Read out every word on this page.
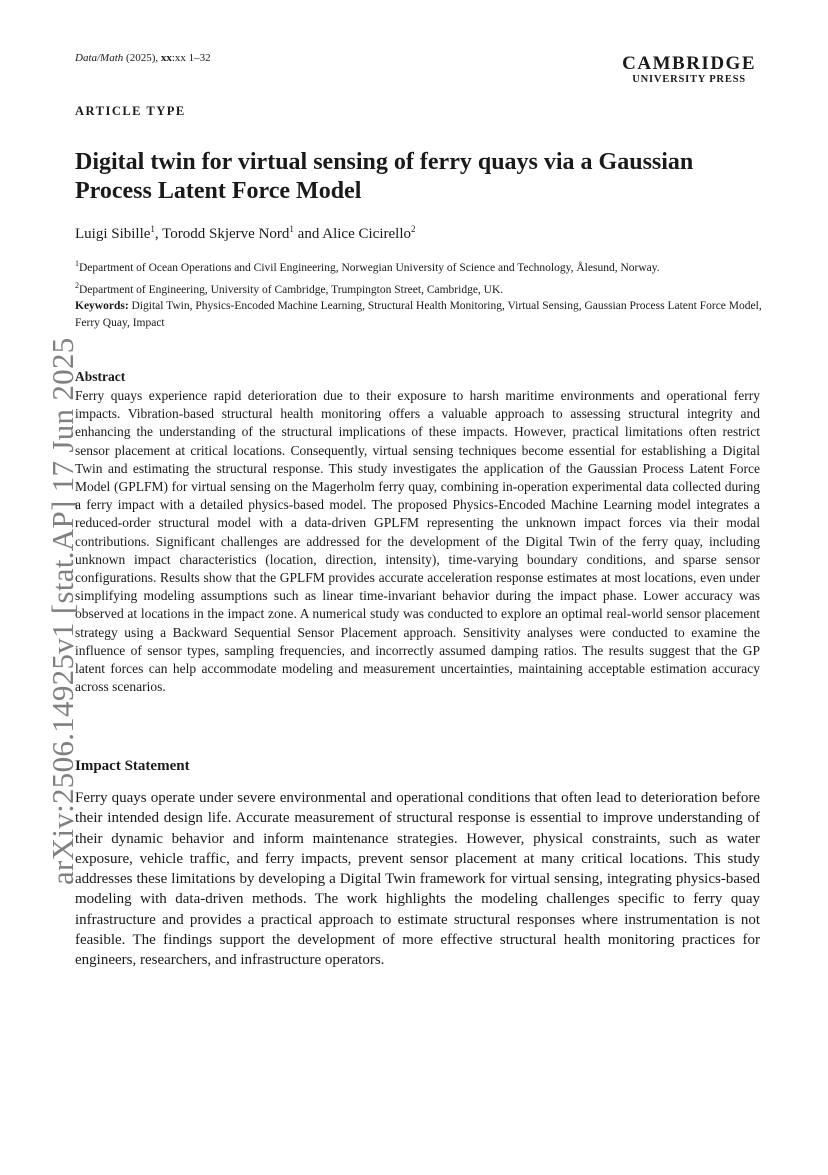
Data/Math (2025), xx:xx 1–32	CAMBRIDGE
UNIVERSITY PRESS
arXiv:2506.14925v1 [stat.AP] 17 Jun 2025
ARTICLE TYPE
Digital twin for virtual sensing of ferry quays via a Gaussian Process Latent Force Model
Luigi Sibille$^1$, Torodd Skjerve Nord$^1$ and Alice Cicirello$^2$
$^1$Department of Ocean Operations and Civil Engineering, Norwegian University of Science and Technology, Ålesund, Norway.
$^2$Department of Engineering, University of Cambridge, Trumpington Street, Cambridge, UK.
Keywords: Digital Twin, Physics-Encoded Machine Learning, Structural Health Monitoring, Virtual Sensing, Gaussian Process Latent Force Model, Ferry Quay, Impact
Abstract

Ferry quays experience rapid deterioration due to their exposure to harsh maritime environments and operational ferry impacts. Vibration-based structural health monitoring offers a valuable approach to assessing structural integrity and enhancing the understanding of the structural implications of these impacts. However, practical limitations often restrict sensor placement at critical locations. Consequently, virtual sensing techniques become essential for establishing a Digital Twin and estimating the structural response. This study investigates the application of the Gaussian Process Latent Force Model (GPLFM) for virtual sensing on the Magerholm ferry quay, combining in-operation experimental data collected during a ferry impact with a detailed physics-based model. The proposed Physics-Encoded Machine Learning model integrates a reduced-order structural model with a data-driven GPLFM representing the unknown impact forces via their modal contributions. Significant challenges are addressed for the development of the Digital Twin of the ferry quay, including unknown impact characteristics (location, direction, intensity), time-varying boundary conditions, and sparse sensor configurations. Results show that the GPLFM provides accurate acceleration response estimates at most locations, even under simplifying modeling assumptions such as linear time-invariant behavior during the impact phase. Lower accuracy was observed at locations in the impact zone. A numerical study was conducted to explore an optimal real-world sensor placement strategy using a Backward Sequential Sensor Placement approach. Sensitivity analyses were conducted to examine the influence of sensor types, sampling frequencies, and incorrectly assumed damping ratios. The results suggest that the GP latent forces can help accommodate modeling and measurement uncertainties, maintaining acceptable estimation accuracy across scenarios.

Impact Statement

Ferry quays operate under severe environmental and operational conditions that often lead to deterioration before their intended design life. Accurate measurement of structural response is essential to improve understanding of their dynamic behavior and inform maintenance strategies. However, physical constraints, such as water exposure, vehicle traffic, and ferry impacts, prevent sensor placement at many critical locations. This study addresses these limitations by developing a Digital Twin framework for virtual sensing, integrating physics-based modeling with data-driven methods. The work highlights the modeling challenges specific to ferry quay infrastructure and provides a practical approach to estimate structural responses where instrumentation is not feasible. The findings support the development of more effective structural health monitoring practices for engineers, researchers, and infrastructure operators.
